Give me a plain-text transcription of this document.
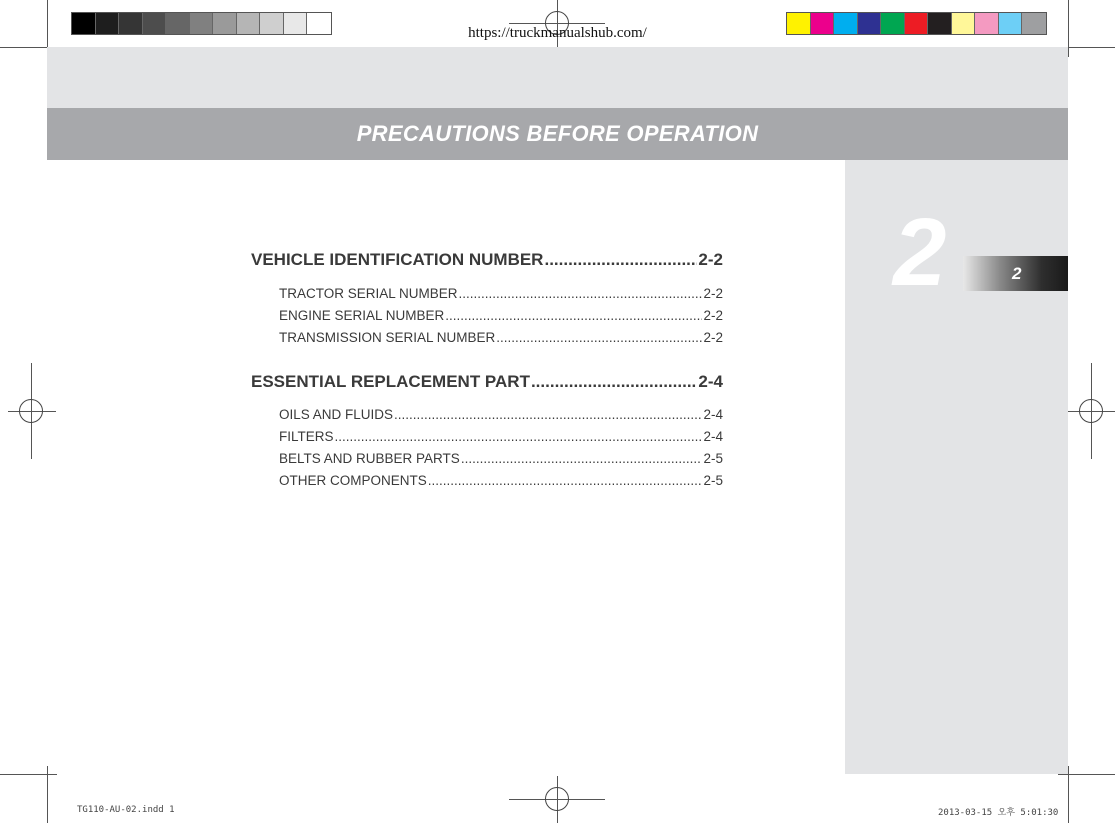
PRECAUTIONS BEFORE OPERATION
https://truckmanualshub.com/
2	2
VEHICLE IDENTIFICATION NUMBER .....	2-2
TRACTOR SERIAL NUMBER .....	2-2
ENGINE SERIAL NUMBER .....	2-2
TRANSMISSION SERIAL NUMBER .....	2-2
ESSENTIAL REPLACEMENT PART .....	2-4
OILS AND FLUIDS .....	2-4
FILTERS .....	2-4
BELTS AND RUBBER PARTS .....	2-5
OTHER COMPONENTS .....	2-5
TG110-AU-02.indd 1	2013-03-15 오후 5:01:30
